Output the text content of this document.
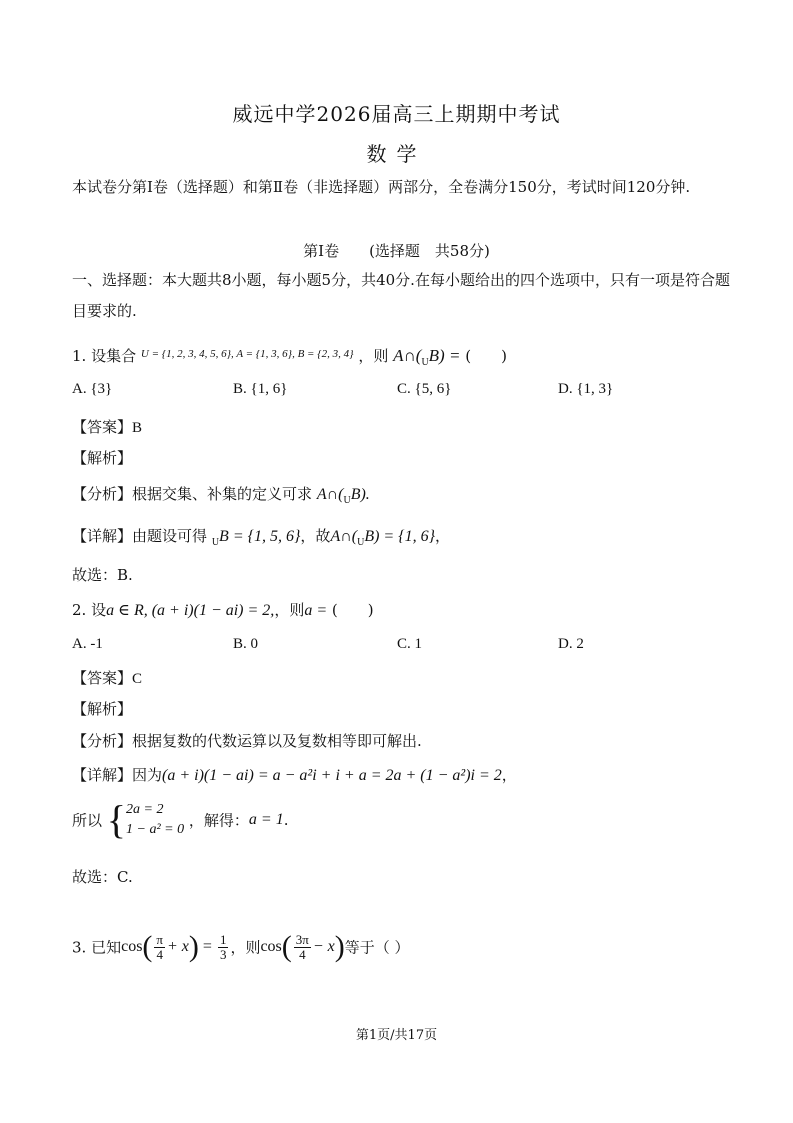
威远中学2026届高三上期期中考试
数学
本试卷分第Ⅰ卷（选择题）和第Ⅱ卷（非选择题）两部分，全卷满分150分，考试时间120分钟.
第Ⅰ卷　　(选择题　共58分)
一、选择题：本大题共8小题，每小题5分，共40分.在每小题给出的四个选项中，只有一项是符合题目要求的.
1. 设集合 $^{U = \{1, 2, 3, 4, 5, 6\}, A = \{1, 3, 6\}, B = \{2, 3, 4\}}$ ，则 $A\cap(_UB)$ = (　　)
A. {3}	B. {1, 6}	C. {5, 6}	D. {1, 3}
【答案】B
【解析】
【分析】根据交集、补集的定义可求 $A\cap(_UB)$.
【详解】由题设可得 $_U$B = {1, 5, 6}，故$A\cap(_UB) = \{1$, 6}，
故选：B.
2. 设a ∈ R, (a + i)(1 − ai) = 2,，则a = (　　)
A. -1	B. 0	C. 1	D. 2
【答案】C
【解析】
【分析】根据复数的代数运算以及复数相等即可解出.
【详解】因为(a + i)(1 − ai) = a − a²i + i + a = 2a + (1 − a²)i = 2，
所以 { 2a = 2
1 − a² = 0 ，解得：a = 1.
故选：C.
3. 已知$\cos( \frac{\pi}{4} + x) = \frac{1}{3}$ ，则$\cos( \frac{3\pi}{4} - x)$等于（ ）
第1页/共17页
